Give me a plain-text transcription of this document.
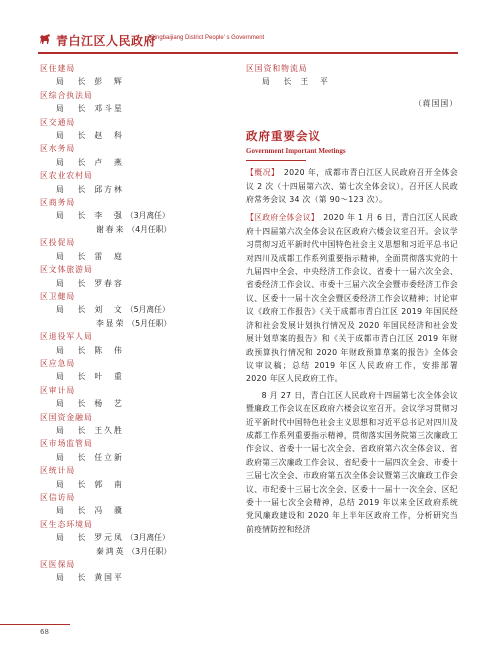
青白江区人民政府
Qingbaijiang District People' s Government
区住建局
局　长 彭　辉
区综合执法局
局　长 邓斗星
区交通局
局　长 赵　科
区水务局
局　长 卢　燕
区农业农村局
局　长 邱方林
区商务局
局　长 李　强 （3月离任）
谢春来 （4月任职）
区投促局
局　长 雷　庭
区文体旅游局
局　长 罗春容
区卫健局
局　长 刘　文 （5月离任）
李显荣 （5月任职）
区退役军人局
局　长 陈　伟
区应急局
局　长 叶　重
区审计局
局　长 杨　艺
区国资金融局
局　长 王久胜
区市场监管局
局　长 任立新
区统计局
局　长 郭　南
区信访局
局　长 冯　骥
区生态环境局
局　长 罗元凤 （3月离任）
秦鸿英 （3月任职）
区医保局
局　长 黄国平
区国资和物流局
局　长 王　平
（蒋国国）
政府重要会议
Government Important Meetings
【概况】　2020 年，成都市青白江区人民政府召开全体会议 2 次（十四届第六次、第七次全体会议），召开区人民政府常务会议 34 次（第 90～123 次）。
【区政府全体会议】　2020 年 1 月 6 日，青白江区人民政府十四届第六次全体会议在区政府六楼会议室召开。会议学习贯彻习近平新时代中国特色社会主义思想和习近平总书记对四川及成都工作系列重要指示精神，全面贯彻落实党的十九届四中全会、中央经济工作会议、省委十一届六次全会、省委经济工作会议、市委十三届六次全会暨市委经济工作会议、区委十一届十次全会暨区委经济工作会议精神；讨论审议《政府工作报告》《关于成都市青白江区 2019 年国民经济和社会发展计划执行情况及 2020 年国民经济和社会发展计划草案的报告》和《关于成都市青白江区 2019 年财政预算执行情况和 2020 年财政预算草案的报告》全体会议审议稿；总结 2019 年区人民政府工作，安排部署 2020 年区人民政府工作。
8 月 27 日，青白江区人民政府十四届第七次全体会议暨廉政工作会议在区政府六楼会议室召开。会议学习贯彻习近平新时代中国特色社会主义思想和习近平总书记对四川及成都工作系列重要指示精神，贯彻落实国务院第三次廉政工作会议、省委十一届七次全会、省政府第六次全体会议、省政府第三次廉政工作会议、省纪委十一届四次全会、市委十三届七次全会、市政府第五次全体会议暨第三次廉政工作会议、市纪委十三届七次全会、区委十一届十一次全会、区纪委十一届七次全会精神，总结 2019 年以来全区政府系统党风廉政建设和 2020 年上半年区政府工作，分析研究当前疫情防控和经济
68
